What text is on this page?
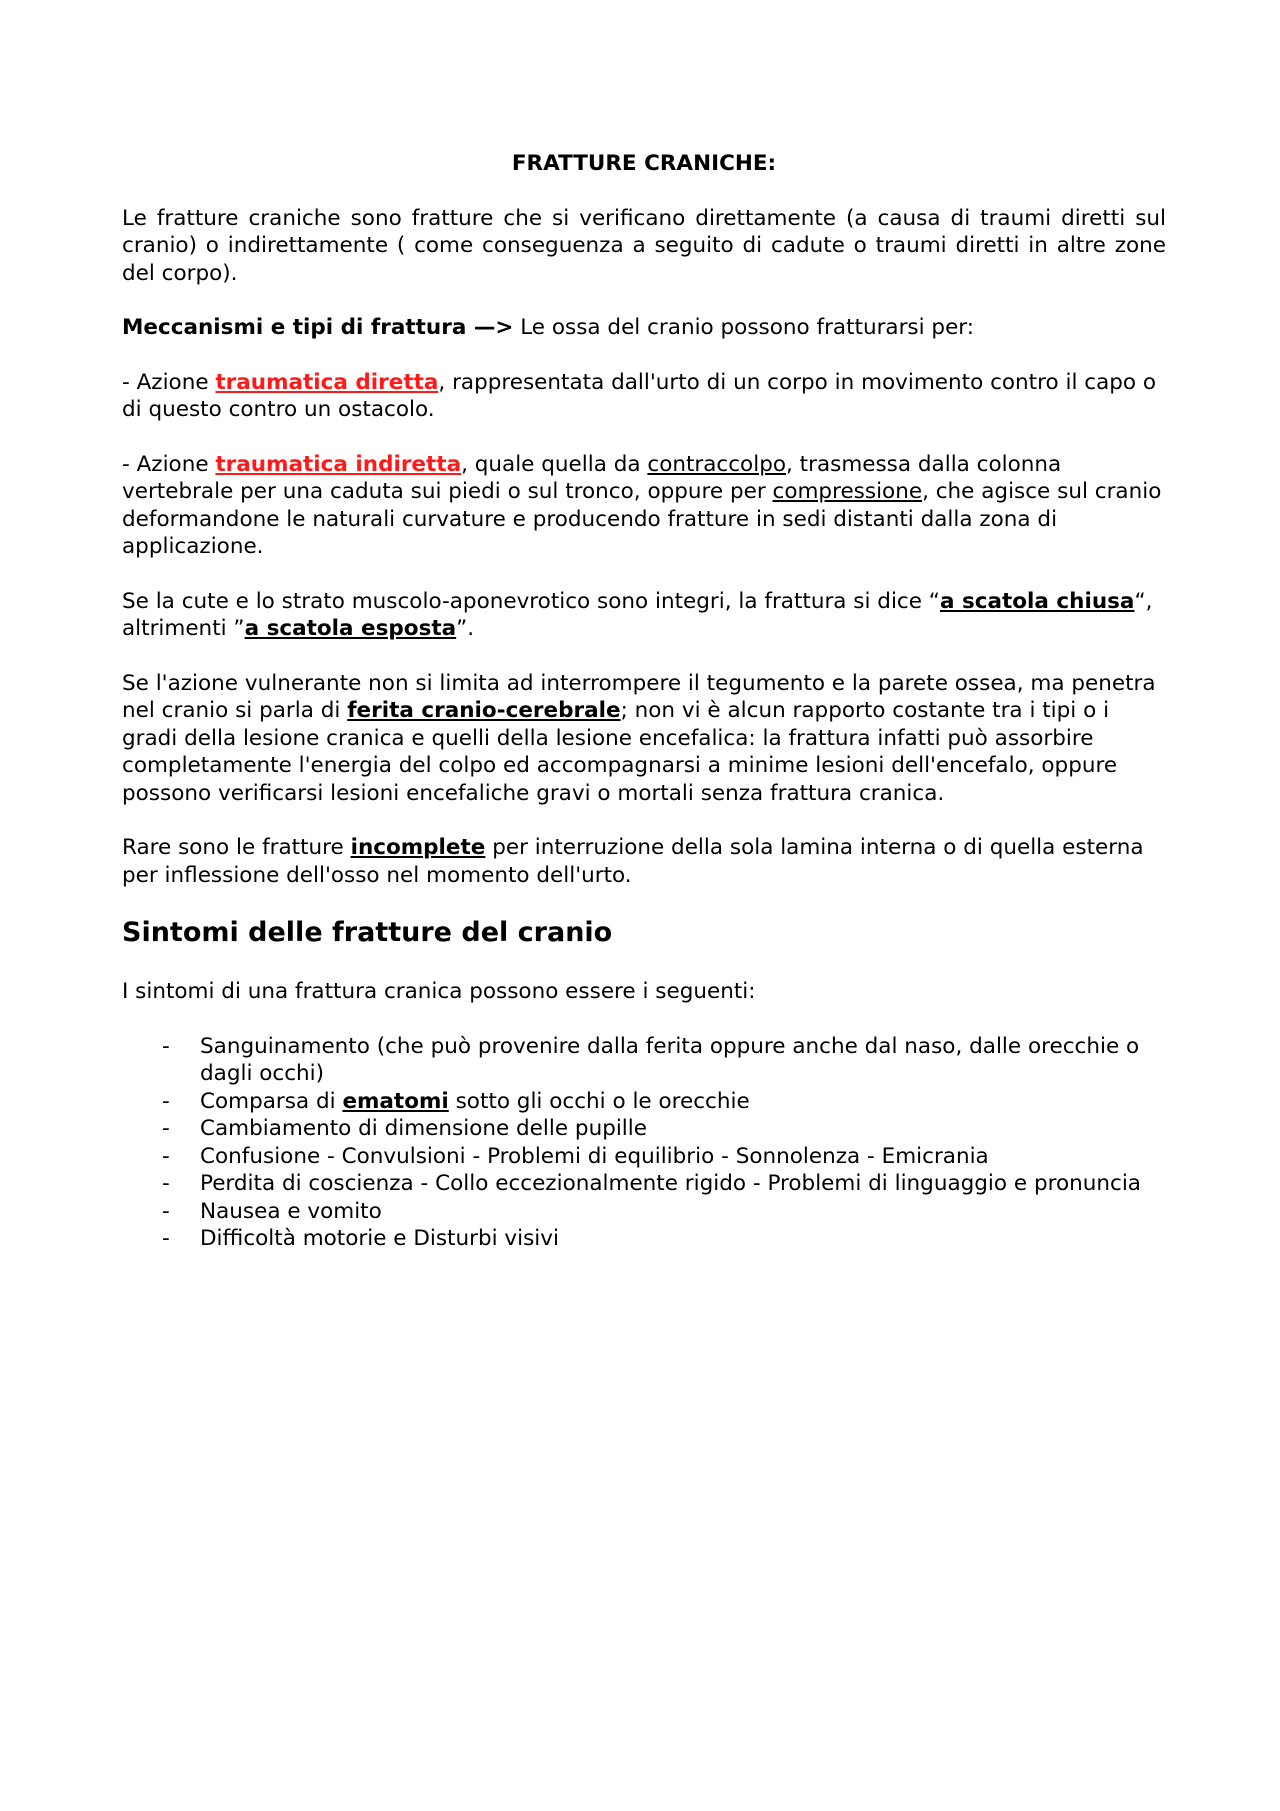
FRATTURE CRANICHE:

Le fratture craniche sono fratture che si verificano direttamente (a causa di traumi diretti sul cranio) o indirettamente ( come conseguenza a seguito di cadute o traumi diretti in altre zone del corpo).

Meccanismi e tipi di frattura —> Le ossa del cranio possono fratturarsi per:

- Azione traumatica diretta, rappresentata dall'urto di un corpo in movimento contro il capo o di questo contro un ostacolo.

- Azione traumatica indiretta, quale quella da contraccolpo, trasmessa dalla colonna vertebrale per una caduta sui piedi o sul tronco, oppure per compressione, che agisce sul cranio deformandone le naturali curvature e producendo fratture in sedi distanti dalla zona di applicazione.

Se la cute e lo strato muscolo-aponevrotico sono integri, la frattura si dice “a scatola chiusa“, altrimenti ”a scatola esposta”.

Se l'azione vulnerante non si limita ad interrompere il tegumento e la parete ossea, ma penetra nel cranio si parla di ferita cranio-cerebrale; non vi è alcun rapporto costante tra i tipi o i gradi della lesione cranica e quelli della lesione encefalica: la frattura infatti può assorbire completamente l'energia del colpo ed accompagnarsi a minime lesioni dell'encefalo, oppure possono verificarsi lesioni encefaliche gravi o mortali senza frattura cranica.

Rare sono le fratture incomplete per interruzione della sola lamina interna o di quella esterna per inflessione dell'osso nel momento dell'urto.

Sintomi delle fratture del cranio

I sintomi di una frattura cranica possono essere i seguenti:

- Sanguinamento (che può provenire dalla ferita oppure anche dal naso, dalle orecchie o dagli occhi)
- Comparsa di ematomi sotto gli occhi o le orecchie
- Cambiamento di dimensione delle pupille
- Confusione - Convulsioni - Problemi di equilibrio - Sonnolenza - Emicrania
- Perdita di coscienza - Collo eccezionalmente rigido - Problemi di linguaggio e pronuncia
- Nausea e vomito
- Difficoltà motorie e Disturbi visivi
